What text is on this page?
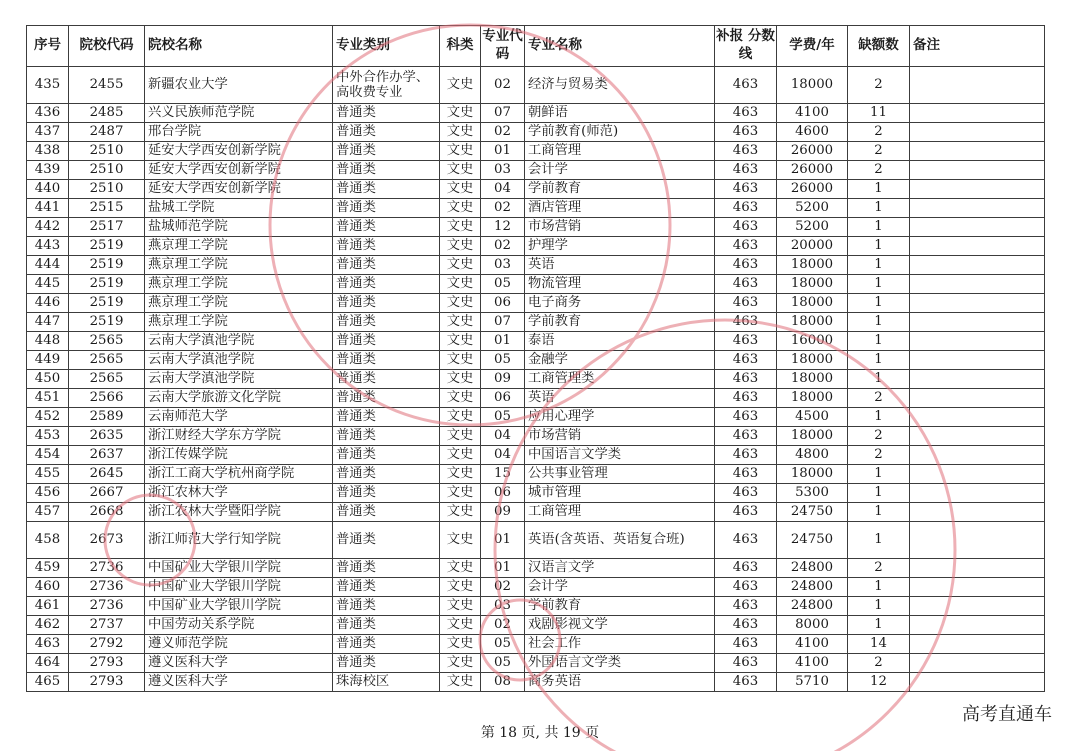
序号	院校代码	院校名称	专业类别	科类	专业代码	专业名称	补报 分数线	学费/年	缺额数	备注
435	2455	新疆农业大学	中外合作办学、高收费专业	文史	02	经济与贸易类	463	18000	2	
436	2485	兴义民族师范学院	普通类	文史	07	朝鲜语	463	4100	11	
437	2487	邢台学院	普通类	文史	02	学前教育(师范)	463	4600	2	
438	2510	延安大学西安创新学院	普通类	文史	01	工商管理	463	26000	2	
439	2510	延安大学西安创新学院	普通类	文史	03	会计学	463	26000	2	
440	2510	延安大学西安创新学院	普通类	文史	04	学前教育	463	26000	1	
441	2515	盐城工学院	普通类	文史	02	酒店管理	463	5200	1	
442	2517	盐城师范学院	普通类	文史	12	市场营销	463	5200	1	
443	2519	燕京理工学院	普通类	文史	02	护理学	463	20000	1	
444	2519	燕京理工学院	普通类	文史	03	英语	463	18000	1	
445	2519	燕京理工学院	普通类	文史	05	物流管理	463	18000	1	
446	2519	燕京理工学院	普通类	文史	06	电子商务	463	18000	1	
447	2519	燕京理工学院	普通类	文史	07	学前教育	463	18000	1	
448	2565	云南大学滇池学院	普通类	文史	01	泰语	463	16000	1	
449	2565	云南大学滇池学院	普通类	文史	05	金融学	463	18000	1	
450	2565	云南大学滇池学院	普通类	文史	09	工商管理类	463	18000	1	
451	2566	云南大学旅游文化学院	普通类	文史	06	英语	463	18000	2	
452	2589	云南师范大学	普通类	文史	05	应用心理学	463	4500	1	
453	2635	浙江财经大学东方学院	普通类	文史	04	市场营销	463	18000	2	
454	2637	浙江传媒学院	普通类	文史	04	中国语言文学类	463	4800	2	
455	2645	浙江工商大学杭州商学院	普通类	文史	15	公共事业管理	463	18000	1	
456	2667	浙江农林大学	普通类	文史	06	城市管理	463	5300	1	
457	2668	浙江农林大学暨阳学院	普通类	文史	09	工商管理	463	24750	1	
458	2673	浙江师范大学行知学院	普通类	文史	01	英语(含英语、英语复合班)	463	24750	1	
459	2736	中国矿业大学银川学院	普通类	文史	01	汉语言文学	463	24800	2	
460	2736	中国矿业大学银川学院	普通类	文史	02	会计学	463	24800	1	
461	2736	中国矿业大学银川学院	普通类	文史	03	学前教育	463	24800	1	
462	2737	中国劳动关系学院	普通类	文史	02	戏剧影视文学	463	8000	1	
463	2792	遵义师范学院	普通类	文史	05	社会工作	463	4100	14	
464	2793	遵义医科大学	普通类	文史	05	外国语言文学类	463	4100	2	
465	2793	遵义医科大学	珠海校区	文史	08	商务英语	463	5710	12	
第 18 页, 共 19 页
高考直通车
